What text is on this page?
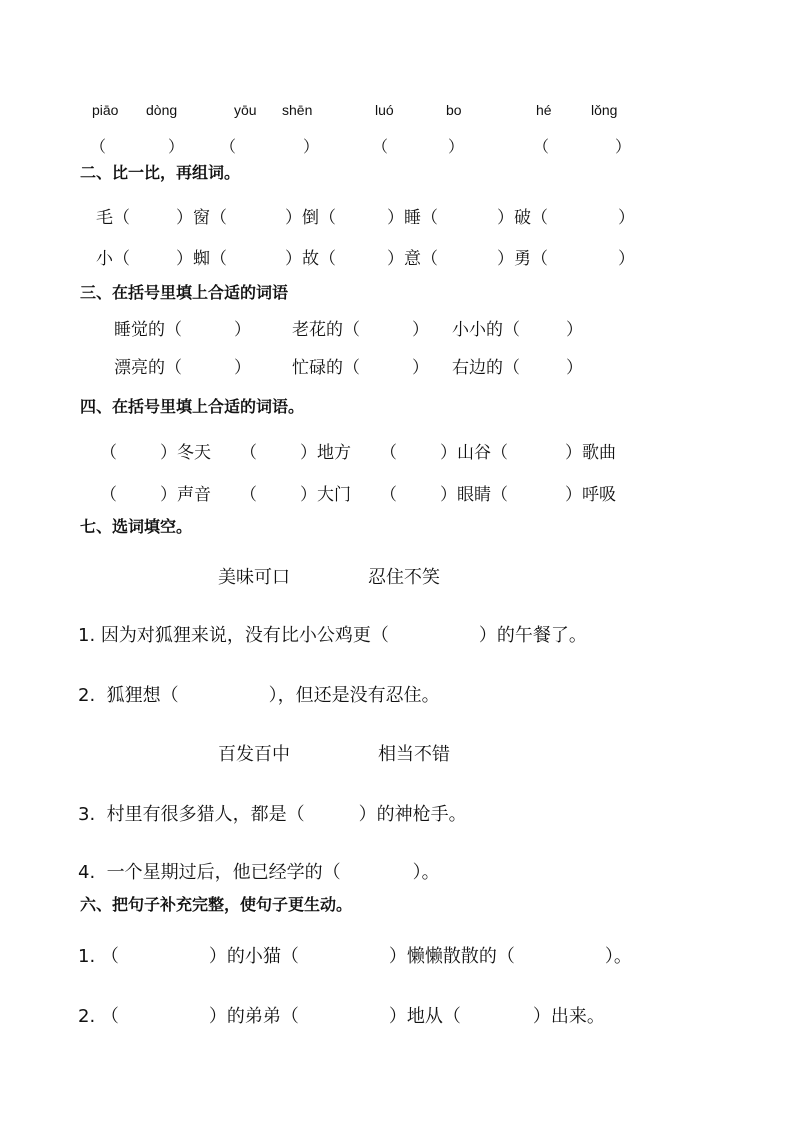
piāo dòng	yōu shēn	luó	bo	hé	lǒng
（	） （	）	（	）	（	）
二、比一比，再组词。
毛（	）窗（	）倒（	）睡（	）破（	）
小（	）蜘（	）故（	）意（	）勇（	）
三、在括号里填上合适的词语
睡觉的（	） 老花的（	） 小小的（	）
漂亮的（	） 忙碌的（	） 右边的（	）
四、在括号里填上合适的词语。
（	）冬天 （	）地方 （	）山谷（	）歌曲
（	）声音 （	）大门 （	）眼睛（	）呼吸
七、选词填空。
美味可口	忍住不笑
1. 因为对狐狸来说，没有比小公鸡更（　　　　　）的午餐了。
2.  狐狸想（　　　　　），但还是没有忍住。
百发百中	相当不错
3.  村里有很多猎人，都是（　　　）的神枪手。
4.  一个星期过后，他已经学的（　　　　）。
六、把句子补充完整，使句子更生动。
1. （　　　　　）的小猫（　　　　　）懒懒散散的（　　　　　）。
2. （　　　　　）的弟弟（　　　　　）地从（　　　　）出来。
